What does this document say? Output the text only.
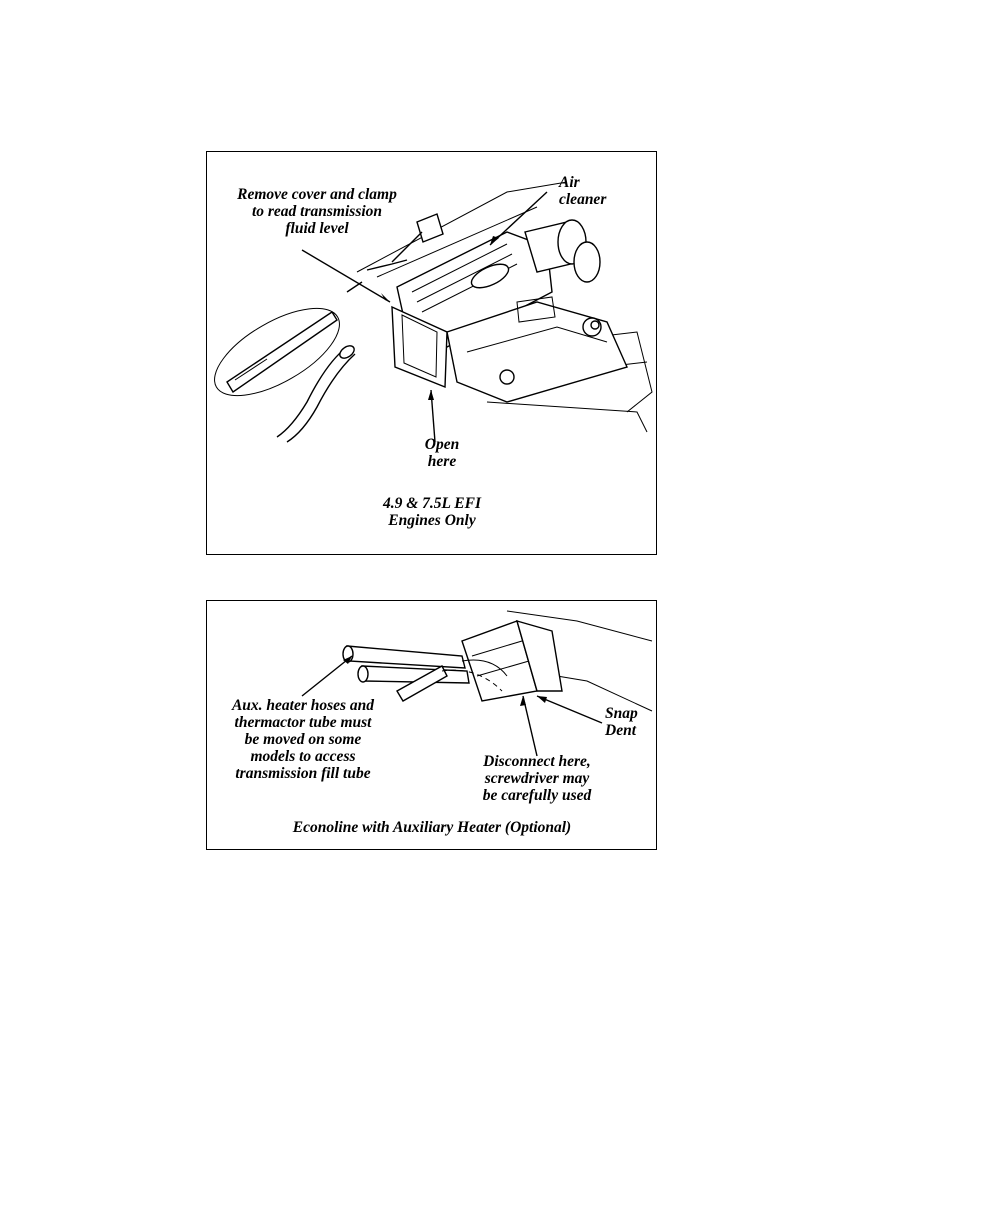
Remove cover and clamp
to read transmission
fluid level
Air
cleaner
Open
here
4.9 & 7.5L EFI
Engines Only
Aux. heater hoses and
thermactor tube must
be moved on some
models to access
transmission fill tube
Snap
Dent
Disconnect here,
screwdriver may
be carefully used
Econoline with Auxiliary Heater (Optional)
